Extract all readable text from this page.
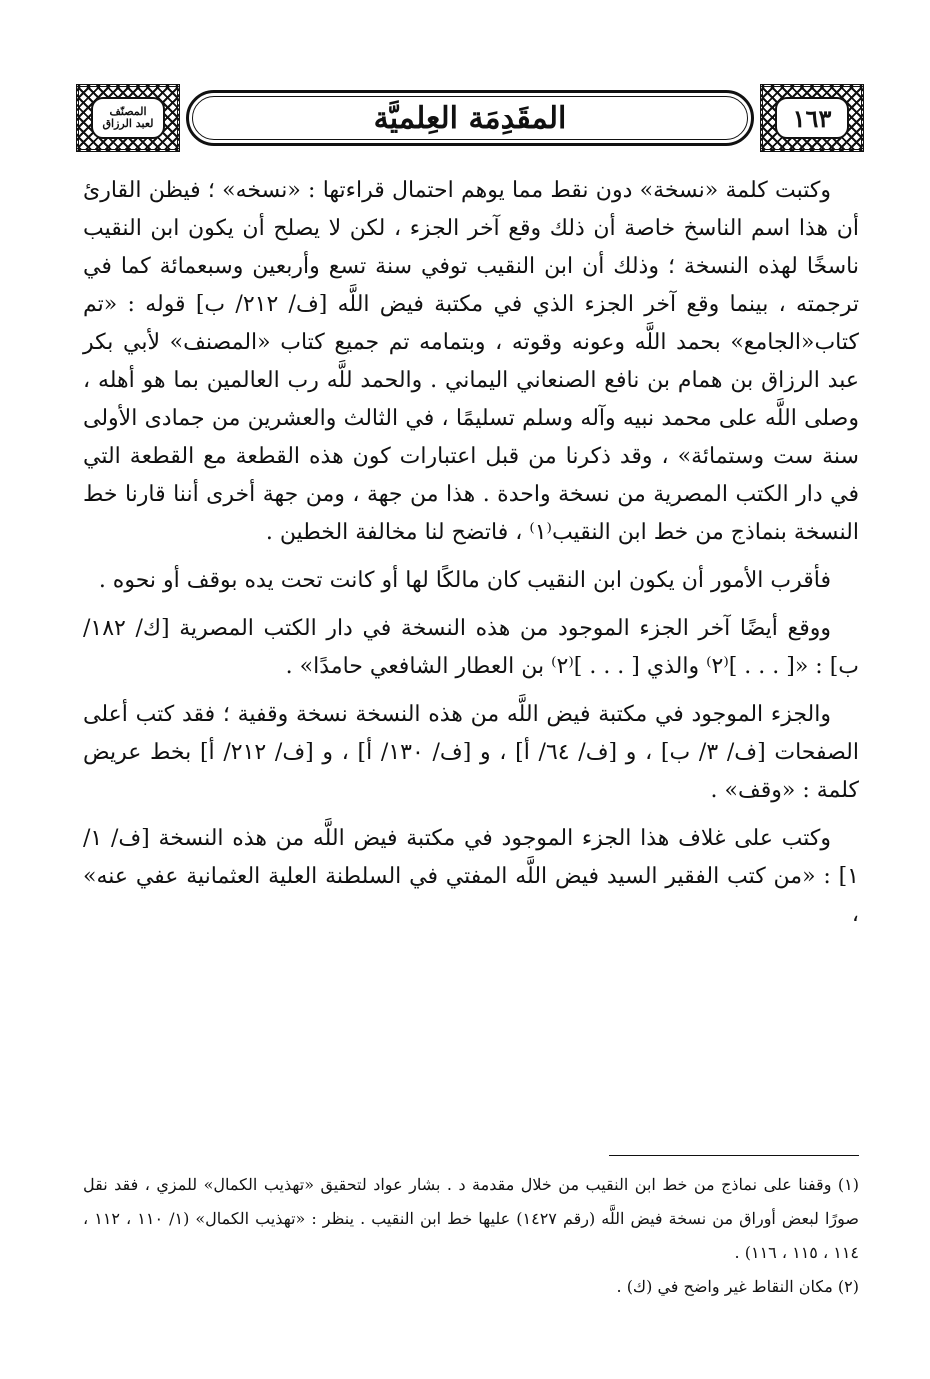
١٦٣
المقَدِمَة العِلميَّة
المصنّف
لعبد الرزاق

وكتبت كلمة «نسخة» دون نقط مما يوهم احتمال قراءتها : «نسخه» ؛ فيظن القارئ أن هذا اسم الناسخ خاصة أن ذلك وقع آخر الجزء ، لكن لا يصلح أن يكون ابن النقيب ناسخًا لهذه النسخة ؛ وذلك أن ابن النقيب توفي سنة تسع وأربعين وسبعمائة كما في ترجمته ، بينما وقع آخر الجزء الذي في مكتبة فيض اللَّه [ف/ ٢١٢/ ب] قوله : «تم كتاب«الجامع» بحمد اللَّه وعونه وقوته ، وبتمامه تم جميع كتاب «المصنف» لأبي بكر عبد الرزاق بن همام بن نافع الصنعاني اليماني . والحمد للَّه رب العالمين بما هو أهله ، وصلى اللَّه على محمد نبيه وآله وسلم تسليمًا ، في الثالث والعشرين من جمادى الأولى سنة ست وستمائة» ، وقد ذكرنا من قبل اعتبارات كون هذه القطعة مع القطعة التي في دار الكتب المصرية من نسخة واحدة . هذا من جهة ، ومن جهة أخرى أننا قارنا خط النسخة بنماذج من خط ابن النقيب⁽١⁾ ، فاتضح لنا مخالفة الخطين .

فأقرب الأمور أن يكون ابن النقيب كان مالكًا لها أو كانت تحت يده بوقف أو نحوه .

ووقع أيضًا آخر الجزء الموجود من هذه النسخة في دار الكتب المصرية [ك/ ١٨٢/ ب] : «[ . . . ]⁽٢⁾ والذي [ . . . ]⁽٢⁾ بن العطار الشافعي حامدًا» .

والجزء الموجود في مكتبة فيض اللَّه من هذه النسخة نسخة وقفية ؛ فقد كتب أعلى الصفحات [ف/ ٣/ ب] ، و [ف/ ٦٤/ أ] ، و [ف/ ١٣٠/ أ] ، و [ف/ ٢١٢/ أ] بخط عريض كلمة : «وقف» .

وكتب على غلاف هذا الجزء الموجود في مكتبة فيض اللَّه من هذه النسخة [ف/ ١/ ١] : «من كتب الفقير السيد فيض اللَّه المفتي في السلطنة العلية العثمانية عفي عنه» ،

(١) وقفنا على نماذج من خط ابن النقيب من خلال مقدمة د . بشار عواد لتحقيق «تهذيب الكمال» للمزي ، فقد نقل صورًا لبعض أوراق من نسخة فيض اللَّه (رقم ١٤٢٧) عليها خط ابن النقيب . ينظر : «تهذيب الكمال» (١/ ١١٠ ، ١١٢ ، ١١٤ ، ١١٥ ، ١١٦) .

(٢) مكان النقاط غير واضح في (ك) .
